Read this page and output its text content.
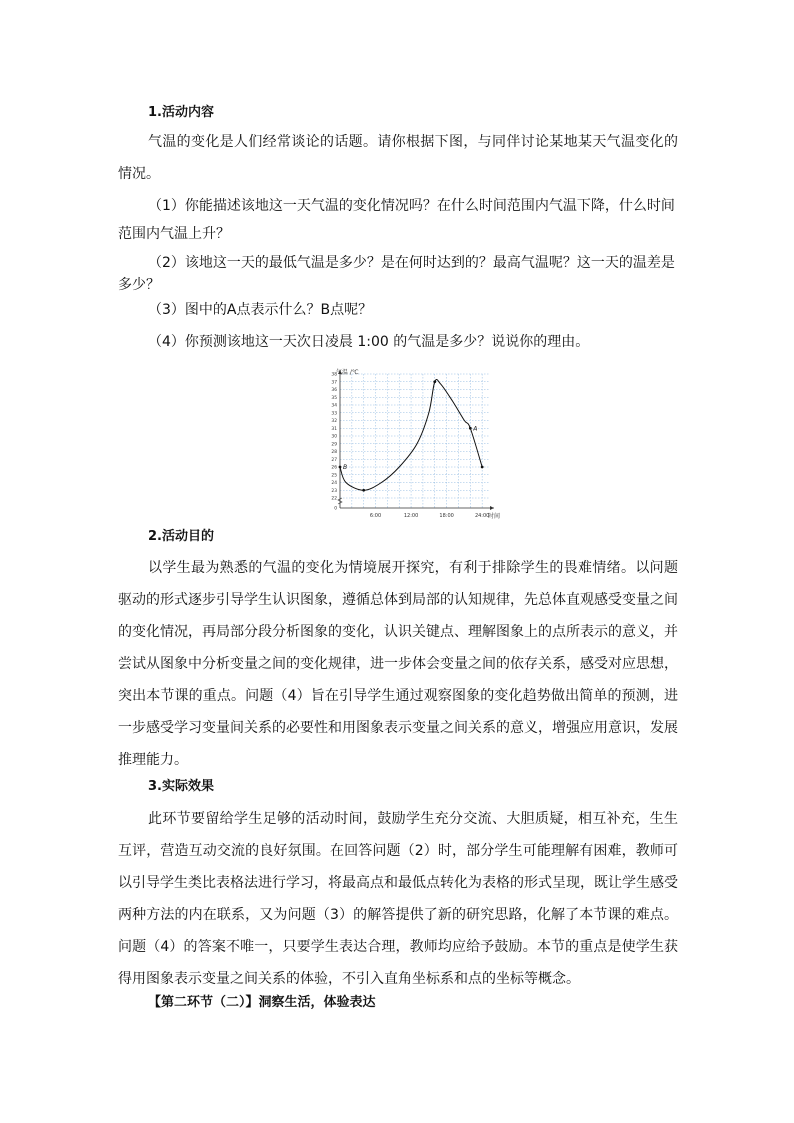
1.活动内容
气温的变化是人们经常谈论的话题。请你根据下图，与同伴讨论某地某天气温变化的情况。
（1）你能描述该地这一天气温的变化情况吗？在什么时间范围内气温下降，什么时间范围内气温上升？
（2）该地这一天的最低气温是多少？是在何时达到的？最高气温呢？这一天的温差是多少？
（3）图中的A点表示什么？B点呢？
（4）你预测该地这一天次日凌晨 1:00 的气温是多少？说说你的理由。
0
22
23
24
25
26
27
28
29
30
31
32
33
34
35
36
37
38
6:00	12:00	18:00	24:00
B
A
气温 /℃
时间
2.活动目的
以学生最为熟悉的气温的变化为情境展开探究，有利于排除学生的畏难情绪。以问题驱动的形式逐步引导学生认识图象，遵循总体到局部的认知规律，先总体直观感受变量之间的变化情况，再局部分段分析图象的变化，认识关键点、理解图象上的点所表示的意义，并尝试从图象中分析变量之间的变化规律，进一步体会变量之间的依存关系，感受对应思想，突出本节课的重点。问题（4）旨在引导学生通过观察图象的变化趋势做出简单的预测，进一步感受学习变量间关系的必要性和用图象表示变量之间关系的意义，增强应用意识，发展推理能力。
3.实际效果
此环节要留给学生足够的活动时间，鼓励学生充分交流、大胆质疑，相互补充，生生互评，营造互动交流的良好氛围。在回答问题（2）时，部分学生可能理解有困难，教师可以引导学生类比表格法进行学习，将最高点和最低点转化为表格的形式呈现，既让学生感受两种方法的内在联系，又为问题（3）的解答提供了新的研究思路，化解了本节课的难点。问题（4）的答案不唯一，只要学生表达合理，教师均应给予鼓励。本节的重点是使学生获得用图象表示变量之间关系的体验，不引入直角坐标系和点的坐标等概念。
【第二环节（二）】洞察生活，体验表达
